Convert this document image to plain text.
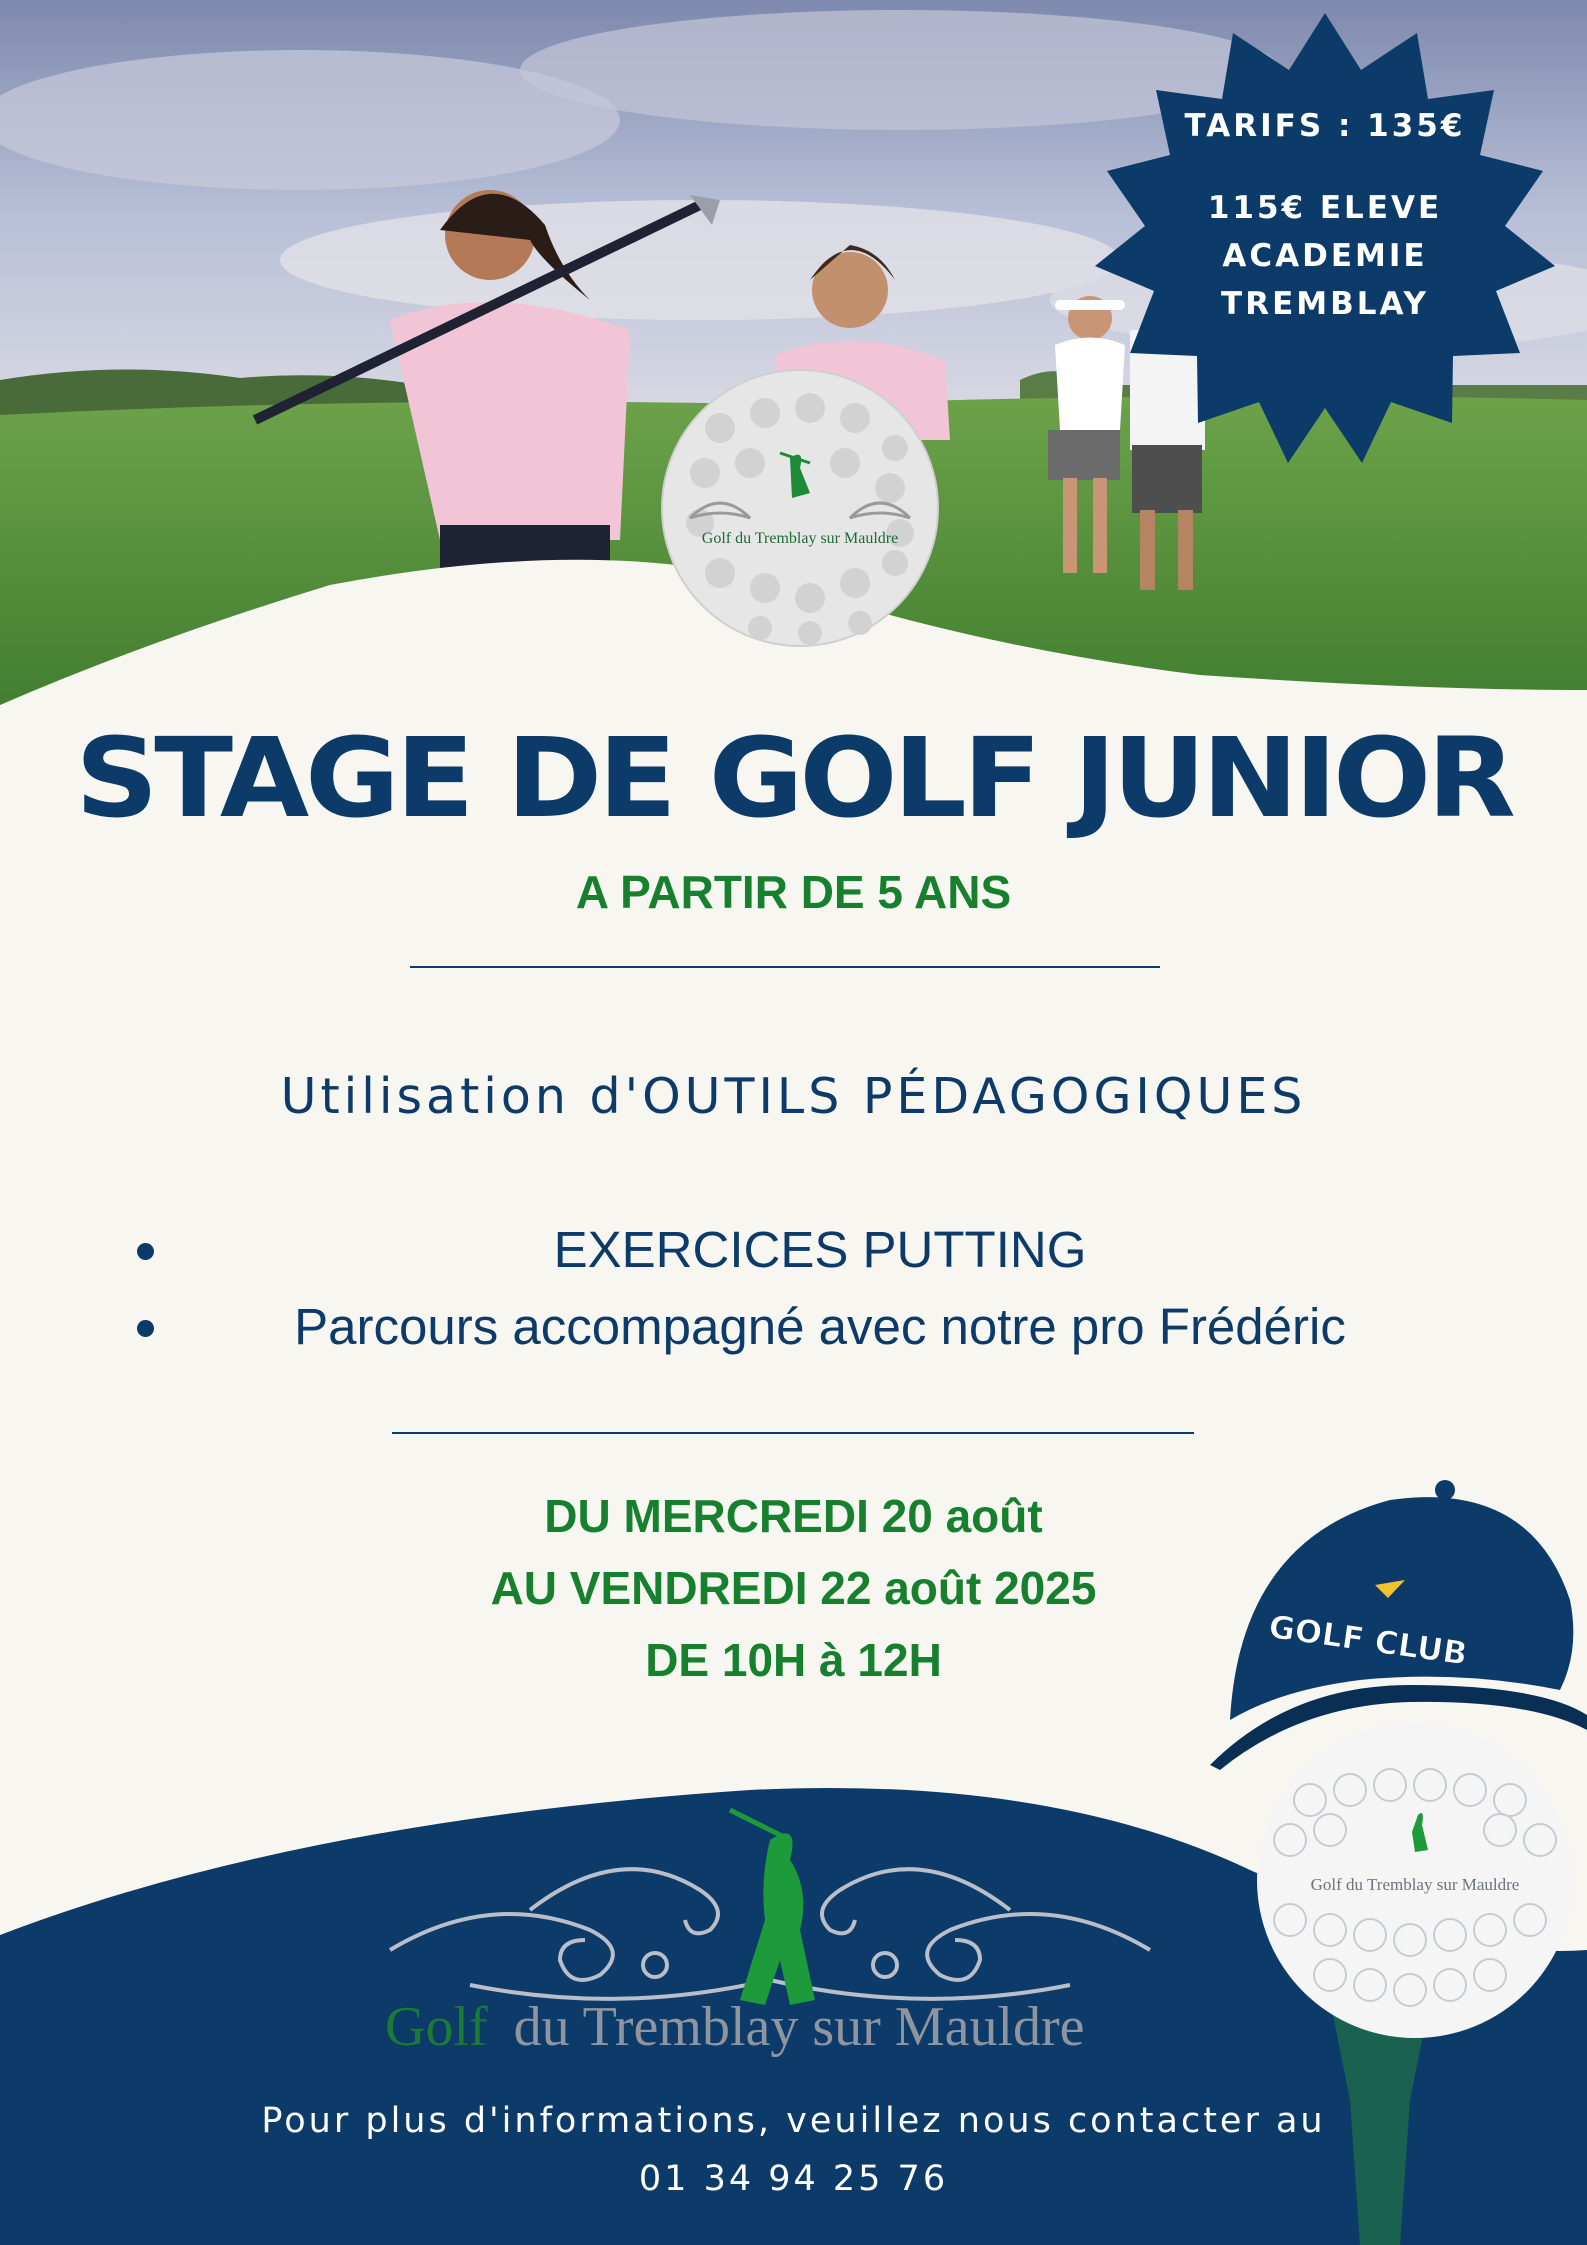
Golf du Tremblay sur Mauldre
TARIFS : 135€
115€ ELEVE
ACADEMIE
TREMBLAY
STAGE DE GOLF JUNIOR
A PARTIR DE 5 ANS
Utilisation d'OUTILS PÉDAGOGIQUES
EXERCICES PUTTING
Parcours accompagné avec notre pro Frédéric
DU MERCREDI 20 août
AU VENDREDI 22 août 2025
DE 10H à 12H
Golf du Tremblay sur Mauldre
Golf du Tremblay sur Mauldre
GOLF CLUB
Pour plus d'informations, veuillez nous contacter au
01 34 94 25 76
